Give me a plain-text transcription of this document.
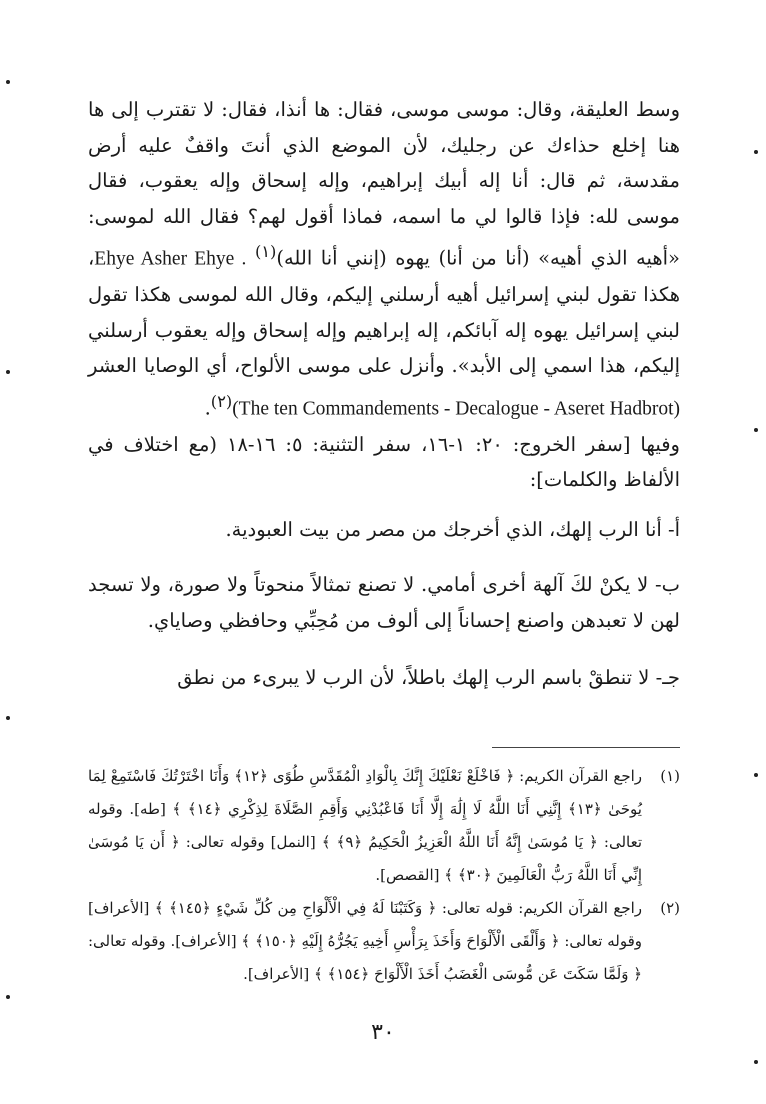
وسط العليقة، وقال: موسى موسى، فقال: ها أنذا، فقال: لا تقترب إلى ها هنا إخلع حذاءك عن رجليك، لأن الموضع الذي أنتَ واقفٌ عليه أرض مقدسة، ثم قال: أنا إله أبيك إبراهيم، وإله إسحاق وإله يعقوب، فقال موسى لله: فإذا قالوا لي ما اسمه، فماذا أقول لهم؟ فقال الله لموسى: «أهيه الذي أهيه» (أنا من أنا) يهوه (إنني أنا الله)$^{(١)}$ Ehye Asher Ehye .، هكذا تقول لبني إسرائيل أهيه أرسلني إليكم، وقال الله لموسى هكذا تقول لبني إسرائيل يهوه إله آبائكم، إله إبراهيم وإله إسحاق وإله يعقوب أرسلني إليكم، هذا اسمي إلى الأبد». وأنزل على موسى الألواح، أي الوصايا العشر (The ten Commandements - Decalogue - Aseret Hadbrot)$^{(٢)}$.

وفيها [سفر الخروج: ٢٠: ١-١٦، سفر التثنية: ٥: ١٦-١٨ (مع اختلاف في الألفاظ والكلمات]:

أ- أنا الرب إلهك، الذي أخرجك من مصر من بيت العبودية.

ب- لا يكنْ لكَ آلهة أخرى أمامي. لا تصنع تمثالاً منحوتاً ولا صورة، ولا تسجد لهن لا تعبدهن واصنع إحساناً إلى ألوف من مُحِبِّي وحافظي وصاياي.

جـ- لا تنطقْ باسم الرب إلهك باطلاً، لأن الرب لا يبرىء من نطق

(١)
راجع القرآن الكريم: ﴿ فَاخْلَعْ نَعْلَيْكَ إِنَّكَ بِالْوَادِ الْمُقَدَّسِ طُوًى ﴿١٢﴾ وَأَنَا اخْتَرْتُكَ فَاسْتَمِعْ لِمَا يُوحَىٰ ﴿١٣﴾ إِنَّنِي أَنَا اللَّهُ لَا إِلَٰهَ إِلَّا أَنَا فَاعْبُدْنِي وَأَقِمِ الصَّلَاةَ لِذِكْرِي ﴿١٤﴾ ﴾ [طه]. وقوله تعالى: ﴿ يَا مُوسَىٰ إِنَّهُ أَنَا اللَّهُ الْعَزِيزُ الْحَكِيمُ ﴿٩﴾ ﴾ [النمل] وقوله تعالى: ﴿ أَن يَا مُوسَىٰ إِنِّي أَنَا اللَّهُ رَبُّ الْعَالَمِينَ ﴿٣٠﴾ ﴾ [القصص].
(٢)
راجع القرآن الكريم: قوله تعالى: ﴿ وَكَتَبْنَا لَهُ فِي الْأَلْوَاحِ مِن كُلِّ شَيْءٍ ﴿١٤٥﴾ ﴾ [الأعراف] وقوله تعالى: ﴿ وَأَلْقَى الْأَلْوَاحَ وَأَخَذَ بِرَأْسِ أَخِيهِ يَجُرُّهُ إِلَيْهِ ﴿١٥٠﴾ ﴾ [الأعراف]. وقوله تعالى: ﴿ وَلَمَّا سَكَتَ عَن مُّوسَى الْغَضَبُ أَخَذَ الْأَلْوَاحَ ﴿١٥٤﴾ ﴾ [الأعراف].
٣٠
